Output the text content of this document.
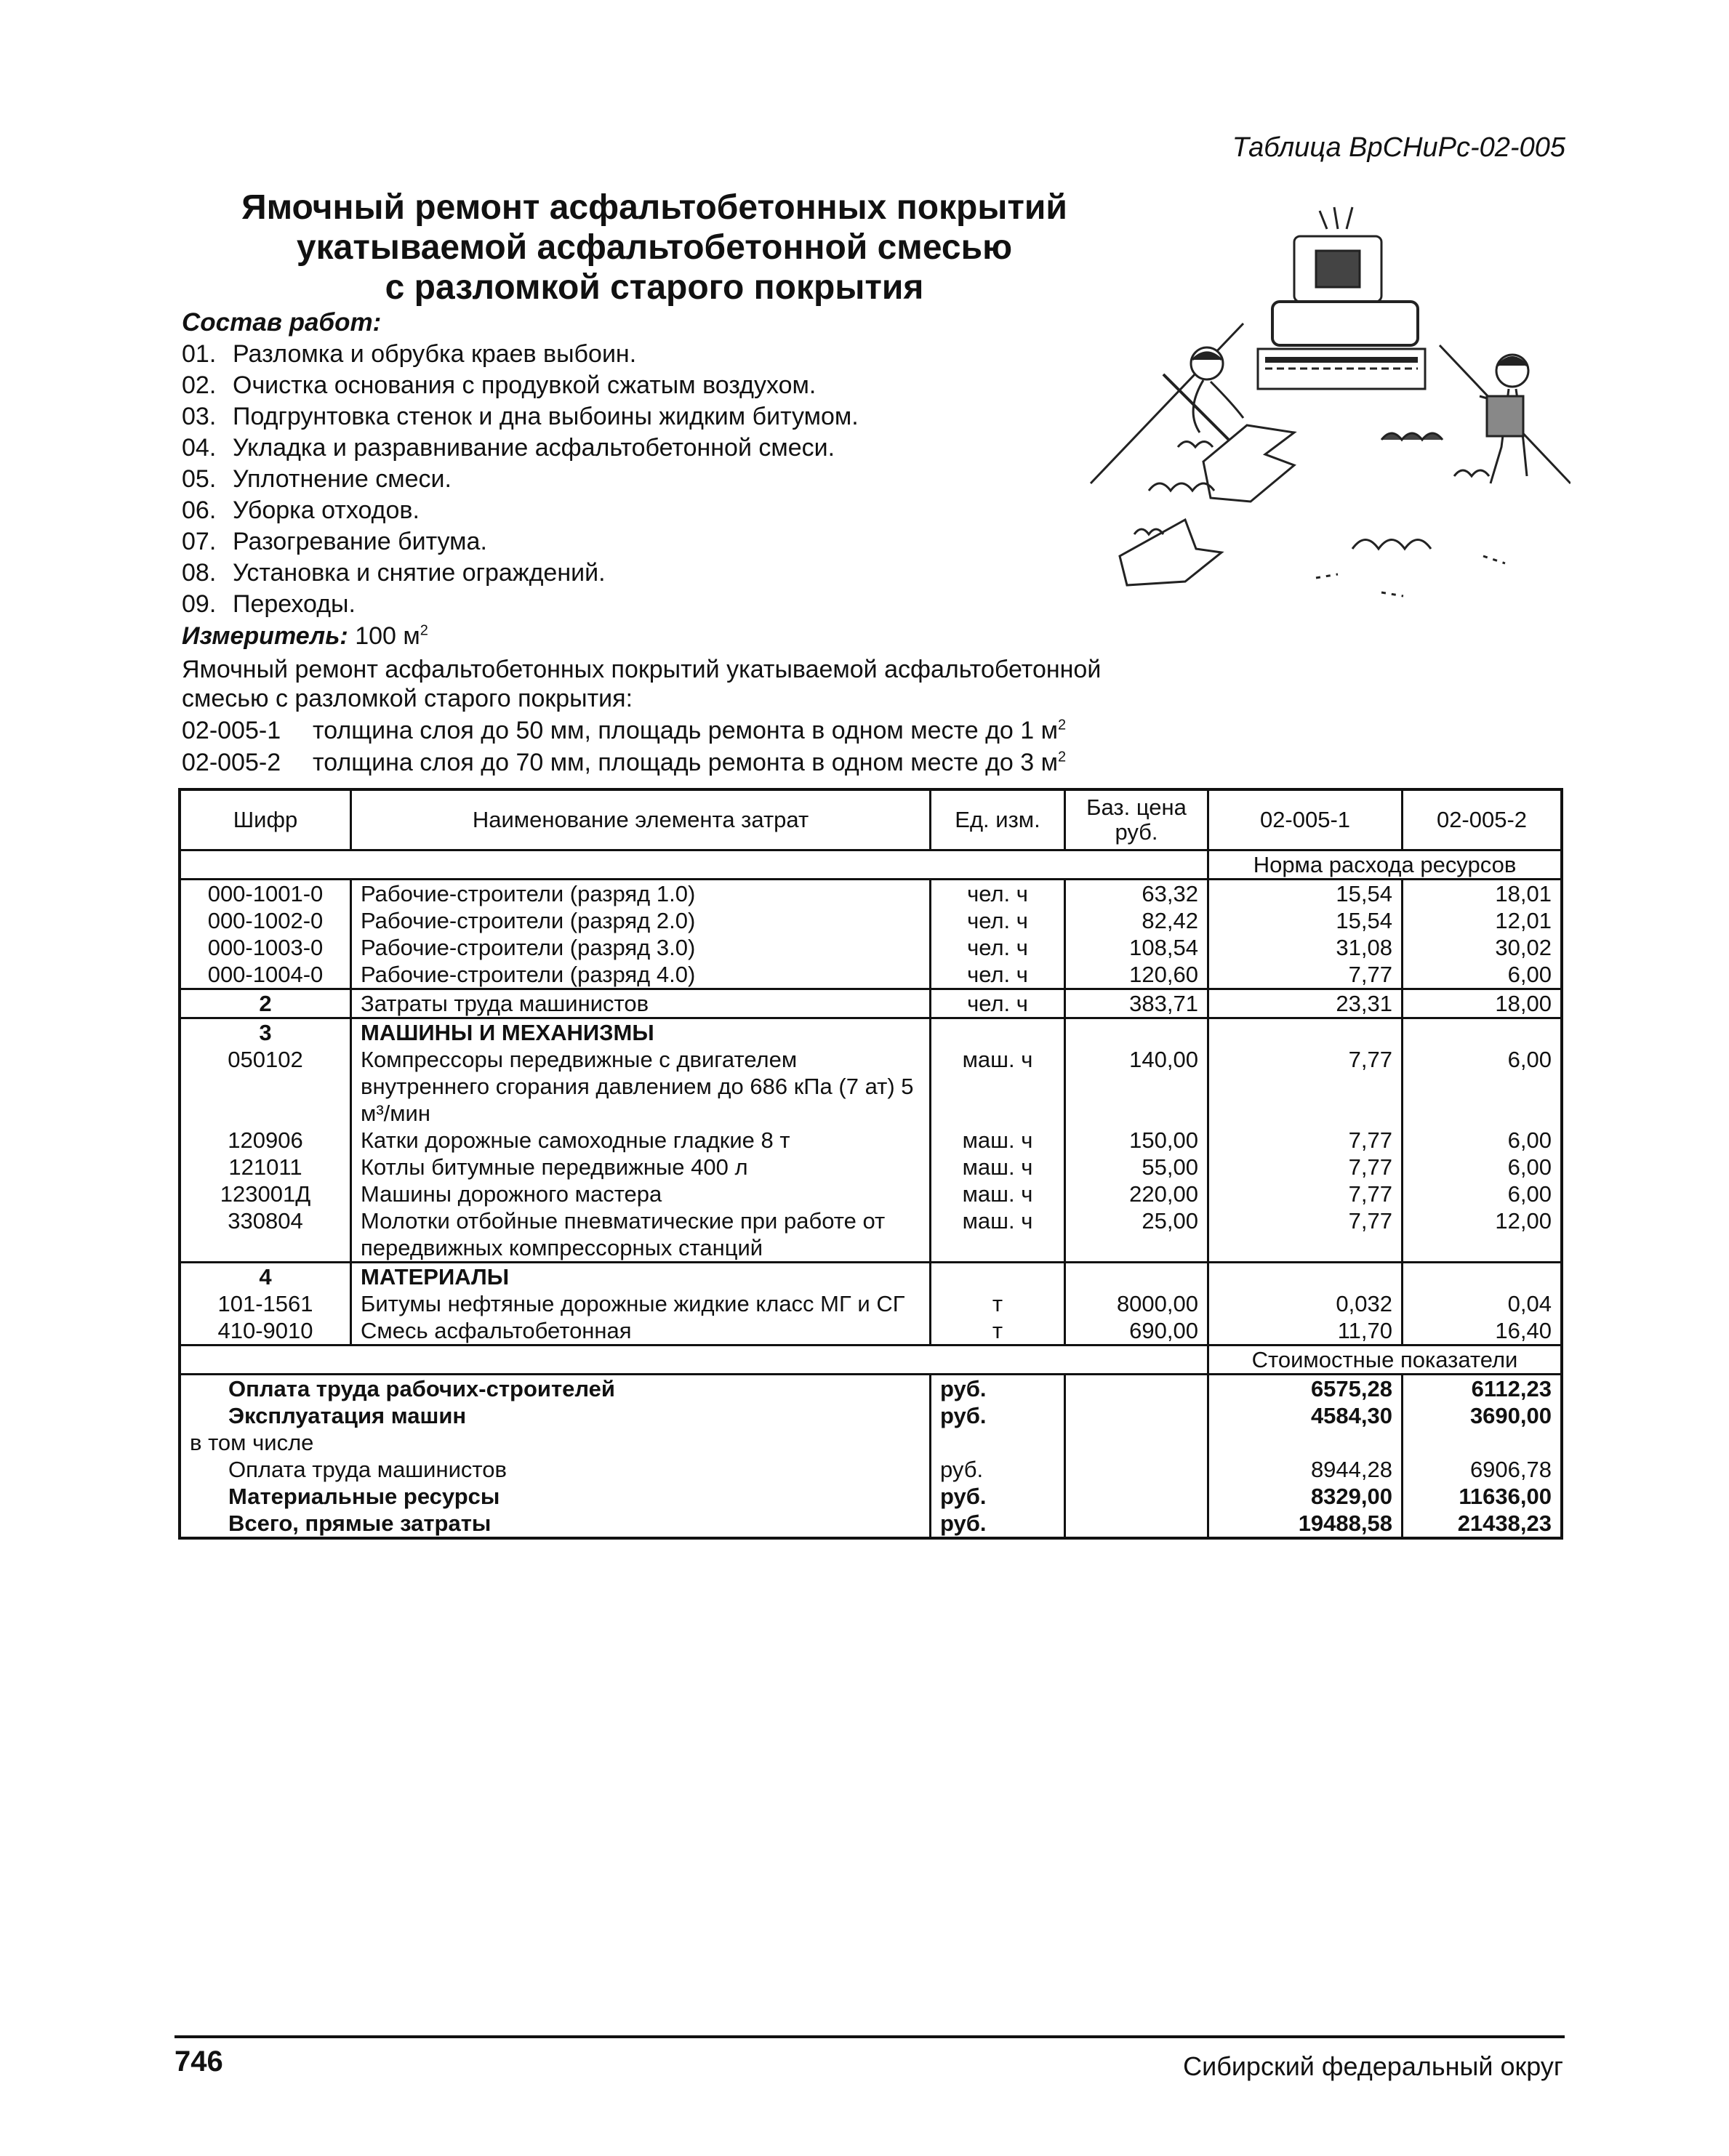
Таблица ВрСНиРс-02-005
Ямочный ремонт асфальтобетонных покрытий
укатываемой асфальтобетонной смесью
с разломкой старого покрытия
Состав работ:
01. Разломка и обрубка краев выбоин.
02. Очистка основания с продувкой сжатым воздухом.
03. Подгрунтовка стенок и дна выбоины жидким битумом.
04. Укладка и разравнивание асфальтобетонной смеси.
05. Уплотнение смеси.
06. Уборка отходов.
07. Разогревание битума.
08. Установка и снятие ограждений.
09. Переходы.
Измеритель: 100 $м^2$
Ямочный ремонт асфальтобетонных покрытий укатываемой асфальтобетонной смесью с разломкой старого покрытия:
02-005-1 толщина слоя до 50 мм, площадь ремонта в одном месте до 1 $м^2$
02-005-2 толщина слоя до 70 мм, площадь ремонта в одном месте до 3 $м^2$
Шифр	Наименование элемента затрат	Ед. изм.	Баз. цена руб.	02-005-1	02-005-2
				Норма расхода ресурсов	
000-1001-0	Рабочие-строители (разряд 1.0)	чел. ч	63,32	15,54	18,01
000-1002-0	Рабочие-строители (разряд 2.0)	чел. ч	82,42	15,54	12,01
000-1003-0	Рабочие-строители (разряд 3.0)	чел. ч	108,54	31,08	30,02
000-1004-0	Рабочие-строители (разряд 4.0)	чел. ч	120,60	7,77	6,00
2	Затраты труда машинистов	чел. ч	383,71	23,31	18,00
3	МАШИНЫ И МЕХАНИЗМЫ				
050102	Компрессоры передвижные с двигателем внутреннего сгорания давлением до 686 кПа (7 ат) 5 м³/мин	маш. ч	140,00	7,77	6,00
120906	Катки дорожные самоходные гладкие 8 т	маш. ч	150,00	7,77	6,00
121011	Котлы битумные передвижные 400 л	маш. ч	55,00	7,77	6,00
123001Д	Машины дорожного мастера	маш. ч	220,00	7,77	6,00
330804	Молотки отбойные пневматические при работе от передвижных компрессорных станций	маш. ч	25,00	7,77	12,00
4	МАТЕРИАЛЫ				
101-1561	Битумы нефтяные дорожные жидкие класс МГ и СГ	т	8000,00	0,032	0,04
410-9010	Смесь асфальтобетонная	т	690,00	11,70	16,40
				Стоимостные показатели	
Оплата труда рабочих-строителей		руб.		6575,28	6112,23
Эксплуатация машин		руб.		4584,30	3690,00
в том числе					
Оплата труда машинистов		руб.		8944,28	6906,78
Материальные ресурсы		руб.		8329,00	11636,00
Всего, прямые затраты		руб.		19488,58	21438,23
746	Сибирский федеральный округ
